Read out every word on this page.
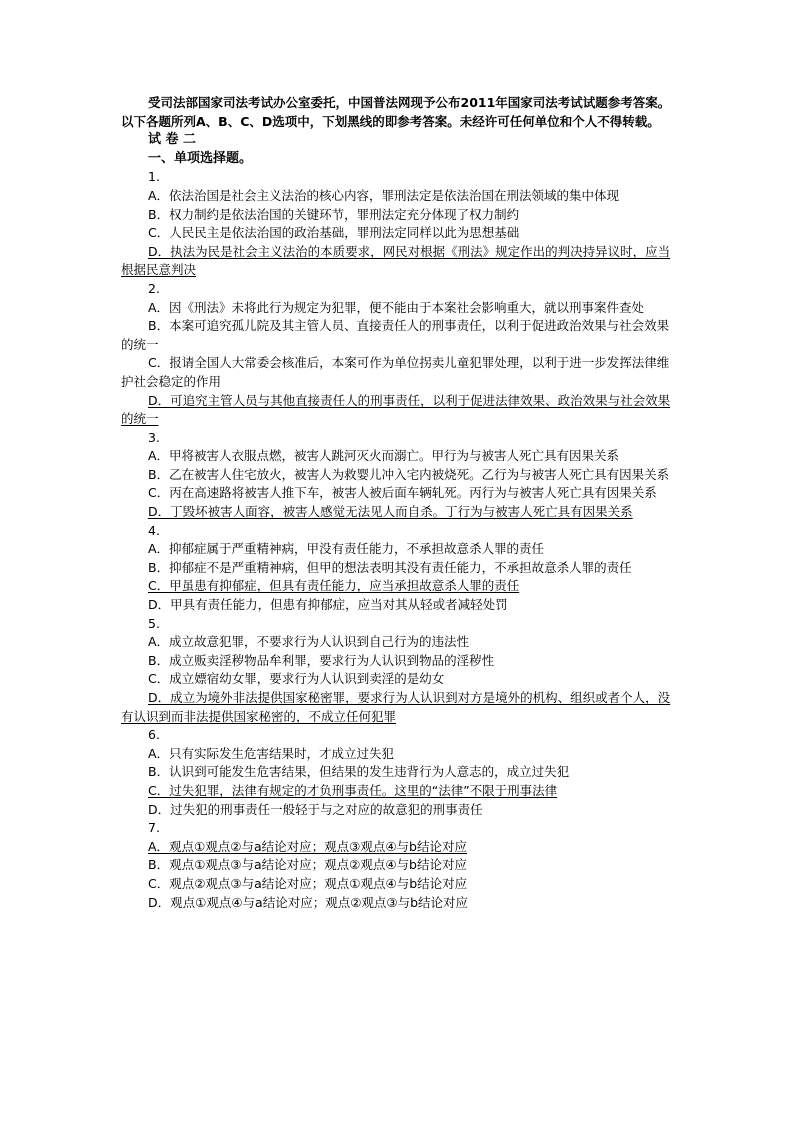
受司法部国家司法考试办公室委托，中国普法网现予公布2011年国家司法考试试题参考答案。以下各题所列A、B、C、D选项中，下划黑线的即参考答案。未经许可任何单位和个人不得转载。

试 卷 二

一、单项选择题。

1.

A．依法治国是社会主义法治的核心内容，罪刑法定是依法治国在刑法领域的集中体现

B．权力制约是依法治国的关键环节，罪刑法定充分体现了权力制约

C．人民民主是依法治国的政治基础，罪刑法定同样以此为思想基础

D．执法为民是社会主义法治的本质要求，网民对根据《刑法》规定作出的判决持异议时，应当根据民意判决

2.

A．因《刑法》未将此行为规定为犯罪，便不能由于本案社会影响重大，就以刑事案件查处

B．本案可追究孤儿院及其主管人员、直接责任人的刑事责任，以利于促进政治效果与社会效果的统一

C．报请全国人大常委会核准后，本案可作为单位拐卖儿童犯罪处理，以利于进一步发挥法律维护社会稳定的作用

D．可追究主管人员与其他直接责任人的刑事责任，以利于促进法律效果、政治效果与社会效果的统一

3.

A．甲将被害人衣服点燃，被害人跳河灭火而溺亡。甲行为与被害人死亡具有因果关系

B．乙在被害人住宅放火，被害人为救婴儿冲入宅内被烧死。乙行为与被害人死亡具有因果关系

C．丙在高速路将被害人推下车，被害人被后面车辆轧死。丙行为与被害人死亡具有因果关系

D．丁毁坏被害人面容，被害人感觉无法见人而自杀。丁行为与被害人死亡具有因果关系

4.

A．抑郁症属于严重精神病，甲没有责任能力，不承担故意杀人罪的责任

B．抑郁症不是严重精神病，但甲的想法表明其没有责任能力，不承担故意杀人罪的责任

C．甲虽患有抑郁症，但具有责任能力，应当承担故意杀人罪的责任

D．甲具有责任能力，但患有抑郁症，应当对其从轻或者减轻处罚

5.

A．成立故意犯罪，不要求行为人认识到自己行为的违法性

B．成立贩卖淫秽物品牟利罪，要求行为人认识到物品的淫秽性

C．成立嫖宿幼女罪，要求行为人认识到卖淫的是幼女

D．成立为境外非法提供国家秘密罪，要求行为人认识到对方是境外的机构、组织或者个人，没有认识到而非法提供国家秘密的，不成立任何犯罪

6.

A．只有实际发生危害结果时，才成立过失犯

B．认识到可能发生危害结果，但结果的发生违背行为人意志的，成立过失犯

C．过失犯罪，法律有规定的才负刑事责任。这里的“法律”不限于刑事法律

D．过失犯的刑事责任一般轻于与之对应的故意犯的刑事责任

7.

A．观点①观点②与a结论对应；观点③观点④与b结论对应

B．观点①观点③与a结论对应；观点②观点④与b结论对应

C．观点②观点③与a结论对应；观点①观点④与b结论对应

D．观点①观点④与a结论对应；观点②观点③与b结论对应
